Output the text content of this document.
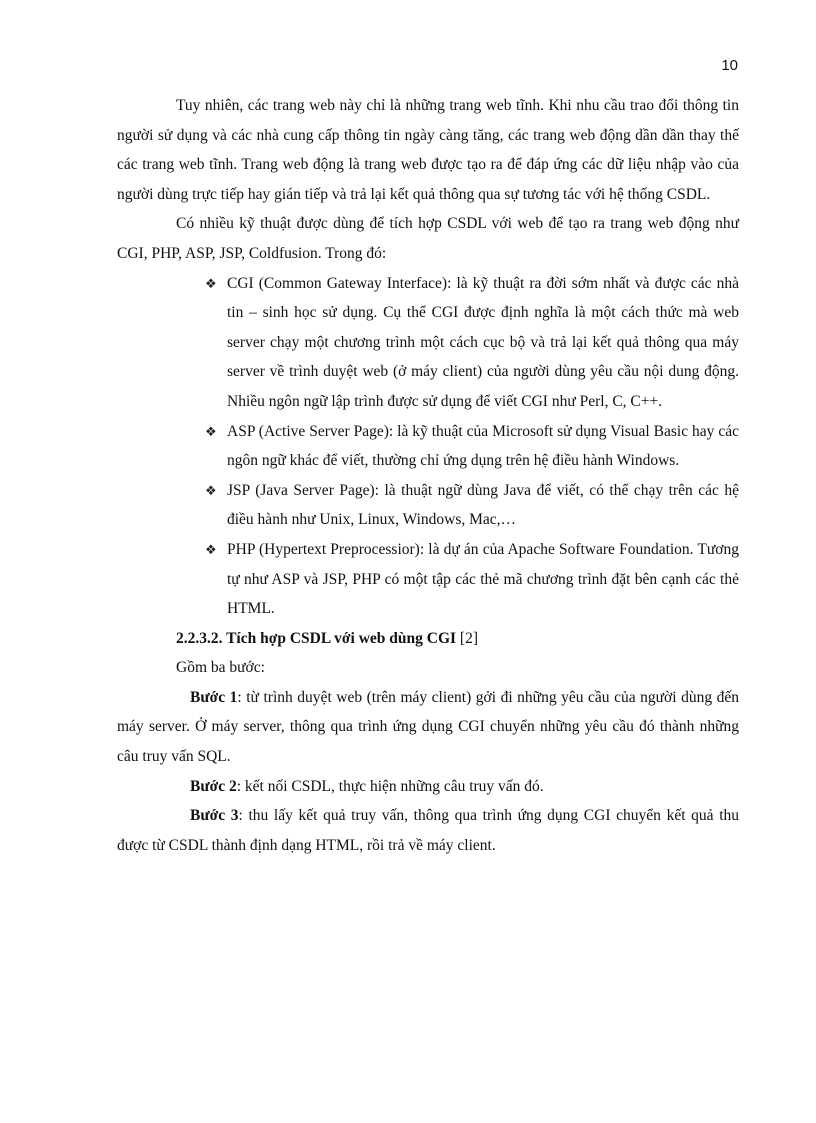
10

Tuy nhiên, các trang web này chỉ là những trang web tĩnh. Khi nhu cầu trao đổi thông tin người sử dụng và các nhà cung cấp thông tin ngày càng tăng, các trang web động dần dần thay thế các trang web tĩnh. Trang web động là trang web được tạo ra để đáp ứng các dữ liệu nhập vào của người dùng trực tiếp hay gián tiếp và trả lại kết quả thông qua sự tương tác với hệ thống CSDL.

Có nhiều kỹ thuật được dùng để tích hợp CSDL với web để tạo ra trang web động như CGI, PHP, ASP, JSP, Coldfusion. Trong đó:

❖ CGI (Common Gateway Interface): là kỹ thuật ra đời sớm nhất và được các nhà tin – sinh học sử dụng. Cụ thể CGI được định nghĩa là một cách thức mà web server chạy một chương trình một cách cục bộ và trả lại kết quả thông qua máy server về trình duyệt web (ở máy client) của người dùng yêu cầu nội dung động. Nhiều ngôn ngữ lập trình được sử dụng để viết CGI như Perl, C, C++.
❖ ASP (Active Server Page): là kỹ thuật của Microsoft sử dụng Visual Basic hay các ngôn ngữ khác để viết, thường chỉ ứng dụng trên hệ điều hành Windows.
❖ JSP (Java Server Page): là thuật ngữ dùng Java để viết, có thể chạy trên các hệ điều hành như Unix, Linux, Windows, Mac,…
❖ PHP (Hypertext Preprocessior): là dự án của Apache Software Foundation. Tương tự như ASP và JSP, PHP có một tập các thẻ mã chương trình đặt bên cạnh các thẻ HTML.

2.2.3.2. Tích hợp CSDL với web dùng CGI [2]

Gồm ba bước:

Bước 1: từ trình duyệt web (trên máy client) gởi đi những yêu cầu của người dùng đến máy server. Ở máy server, thông qua trình ứng dụng CGI chuyển những yêu cầu đó thành những câu truy vấn SQL.

Bước 2: kết nối CSDL, thực hiện những câu truy vấn đó.

Bước 3: thu lấy kết quả truy vấn, thông qua trình ứng dụng CGI chuyển kết quả thu được từ CSDL thành định dạng HTML, rồi trả về máy client.
